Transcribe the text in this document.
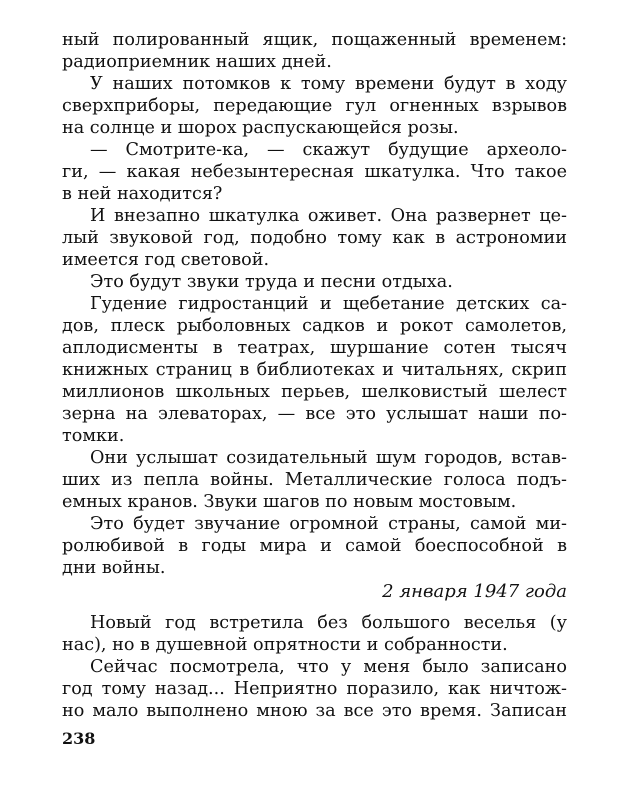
ный полированный ящик, пощаженный временем:
радиоприемник наших дней.
У наших потомков к тому времени будут в ходу
сверхприборы, передающие гул огненных взрывов
на солнце и шорох распускающейся розы.
— Смотрите-ка, — скажут будущие археоло-
ги, — какая небезынтересная шкатулка. Что такое
в ней находится?
И внезапно шкатулка оживет. Она развернет це-
лый звуковой год, подобно тому как в астрономии
имеется год световой.
Это будут звуки труда и песни отдыха.
Гудение гидростанций и щебетание детских са-
дов, плеск рыболовных садков и рокот самолетов,
аплодисменты в театрах, шуршание сотен тысяч
книжных страниц в библиотеках и читальнях, скрип
миллионов школьных перьев, шелковистый шелест
зерна на элеваторах, — все это услышат наши по-
томки.
Они услышат созидательный шум городов, встав-
ших из пепла войны. Металлические голоса подъ-
емных кранов. Звуки шагов по новым мостовым.
Это будет звучание огромной страны, самой ми-
ролюбивой в годы мира и самой боеспособной в
дни войны.
2 января 1947 года
Новый год встретила без большого веселья (у
нас), но в душевной опрятности и собранности.
Сейчас посмотрела, что у меня было записано
год тому назад... Неприятно поразило, как ничтож-
но мало выполнено мною за все это время. Записан
238
